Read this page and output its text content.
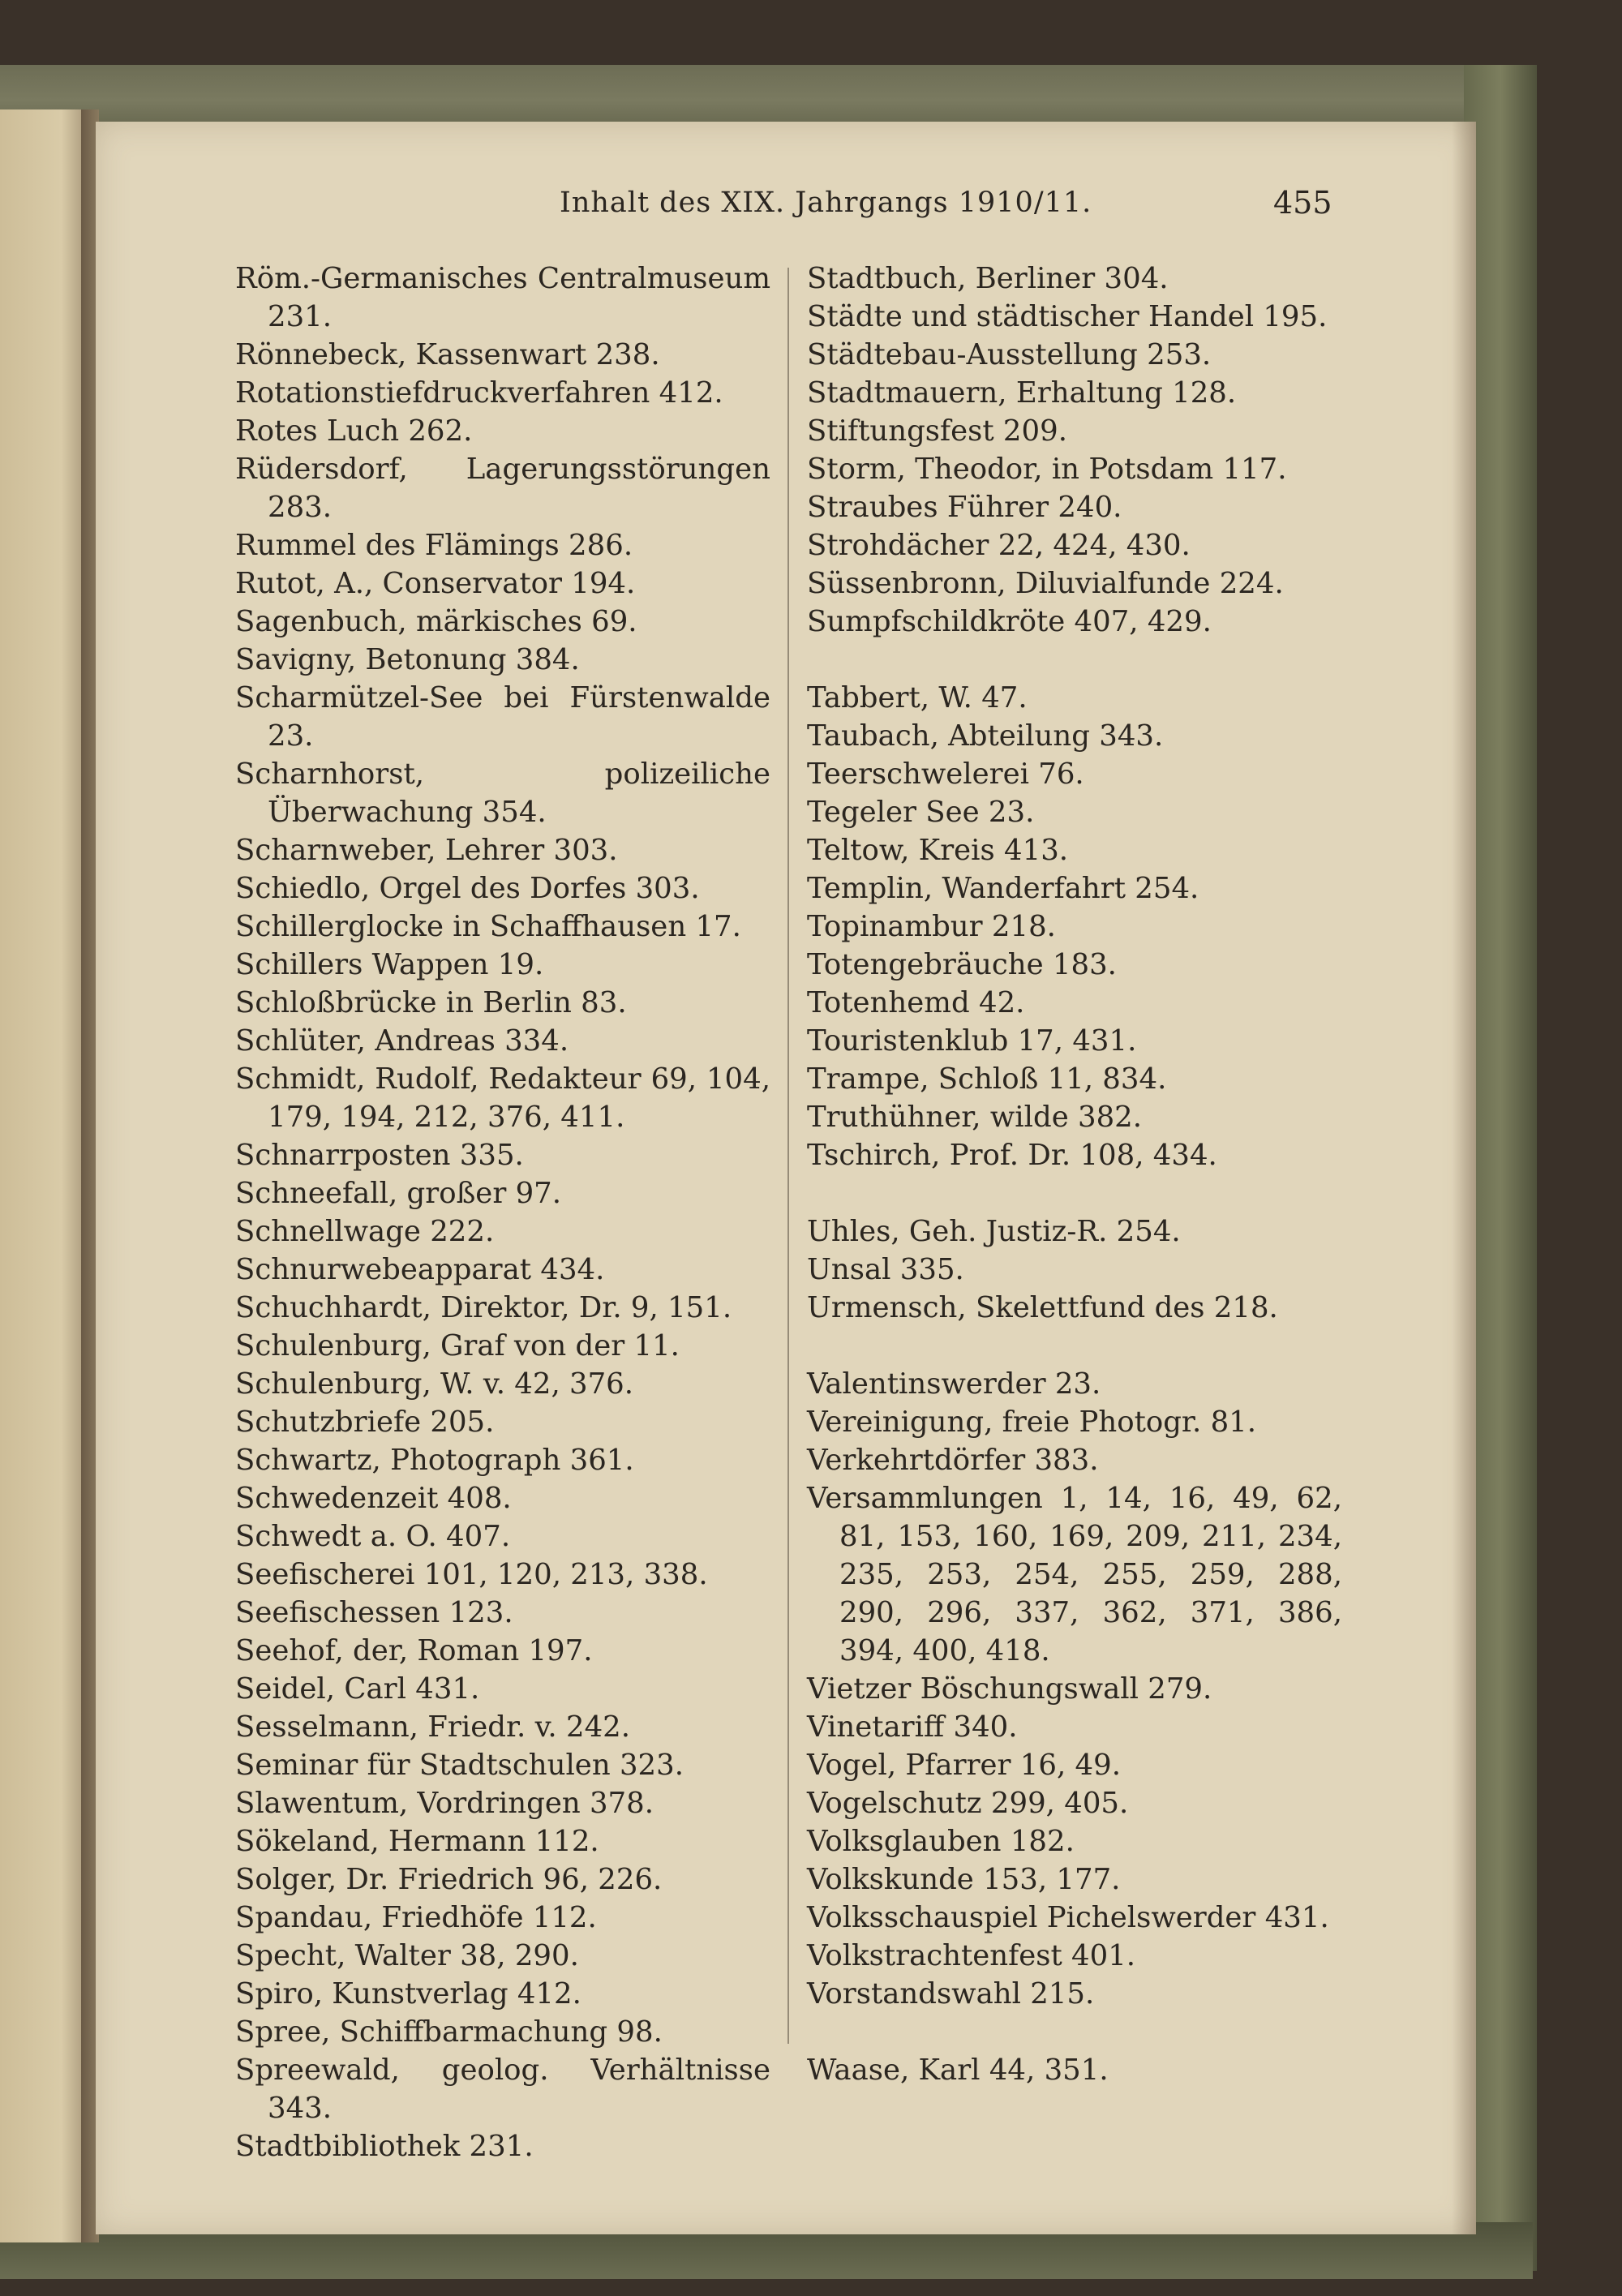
Inhalt des XIX. Jahrgangs 1910/11.	455
Röm.-Germanisches Centralmuseum 231.
Rönnebeck, Kassenwart 238.
Rotationstiefdruckverfahren 412.
Rotes Luch 262.
Rüdersdorf, Lagerungsstörungen 283.
Rummel des Flämings 286.
Rutot, A., Conservator 194.
Sagenbuch, märkisches 69.
Savigny, Betonung 384.
Scharmützel-See bei Fürstenwalde 23.
Scharnhorst, polizeiliche Überwachung 354.
Scharnweber, Lehrer 303.
Schiedlo, Orgel des Dorfes 303.
Schillerglocke in Schaffhausen 17.
Schillers Wappen 19.
Schloßbrücke in Berlin 83.
Schlüter, Andreas 334.
Schmidt, Rudolf, Redakteur 69, 104, 179, 194, 212, 376, 411.
Schnarrposten 335.
Schneefall, großer 97.
Schnellwage 222.
Schnurwebeapparat 434.
Schuchhardt, Direktor, Dr. 9, 151.
Schulenburg, Graf von der 11.
Schulenburg, W. v. 42, 376.
Schutzbriefe 205.
Schwartz, Photograph 361.
Schwedenzeit 408.
Schwedt a. O. 407.
Seefischerei 101, 120, 213, 338.
Seefischessen 123.
Seehof, der, Roman 197.
Seidel, Carl 431.
Sesselmann, Friedr. v. 242.
Seminar für Stadtschulen 323.
Slawentum, Vordringen 378.
Sökeland, Hermann 112.
Solger, Dr. Friedrich 96, 226.
Spandau, Friedhöfe 112.
Specht, Walter 38, 290.
Spiro, Kunstverlag 412.
Spree, Schiffbarmachung 98.
Spreewald, geolog. Verhältnisse 343.
Stadtbibliothek 231.
Stadtbuch, Berliner 304.
Städte und städtischer Handel 195.
Städtebau-Ausstellung 253.
Stadtmauern, Erhaltung 128.
Stiftungsfest 209.
Storm, Theodor, in Potsdam 117.
Straubes Führer 240.
Strohdächer 22, 424, 430.
Süssenbronn, Diluvialfunde 224.
Sumpfschildkröte 407, 429.
Tabbert, W. 47.
Taubach, Abteilung 343.
Teerschwelerei 76.
Tegeler See 23.
Teltow, Kreis 413.
Templin, Wanderfahrt 254.
Topinambur 218.
Totengebräuche 183.
Totenhemd 42.
Touristenklub 17, 431.
Trampe, Schloß 11, 834.
Truthühner, wilde 382.
Tschirch, Prof. Dr. 108, 434.
Uhles, Geh. Justiz-R. 254.
Unsal 335.
Urmensch, Skelettfund des 218.
Valentinswerder 23.
Vereinigung, freie Photogr. 81.
Verkehrtdörfer 383.
Versammlungen 1, 14, 16, 49, 62, 81, 153, 160, 169, 209, 211, 234, 235, 253, 254, 255, 259, 288, 290, 296, 337, 362, 371, 386, 394, 400, 418.
Vietzer Böschungswall 279.
Vinetariff 340.
Vogel, Pfarrer 16, 49.
Vogelschutz 299, 405.
Volksglauben 182.
Volkskunde 153, 177.
Volksschauspiel Pichelswerder 431.
Volkstrachtenfest 401.
Vorstandswahl 215.
Waase, Karl 44, 351.
